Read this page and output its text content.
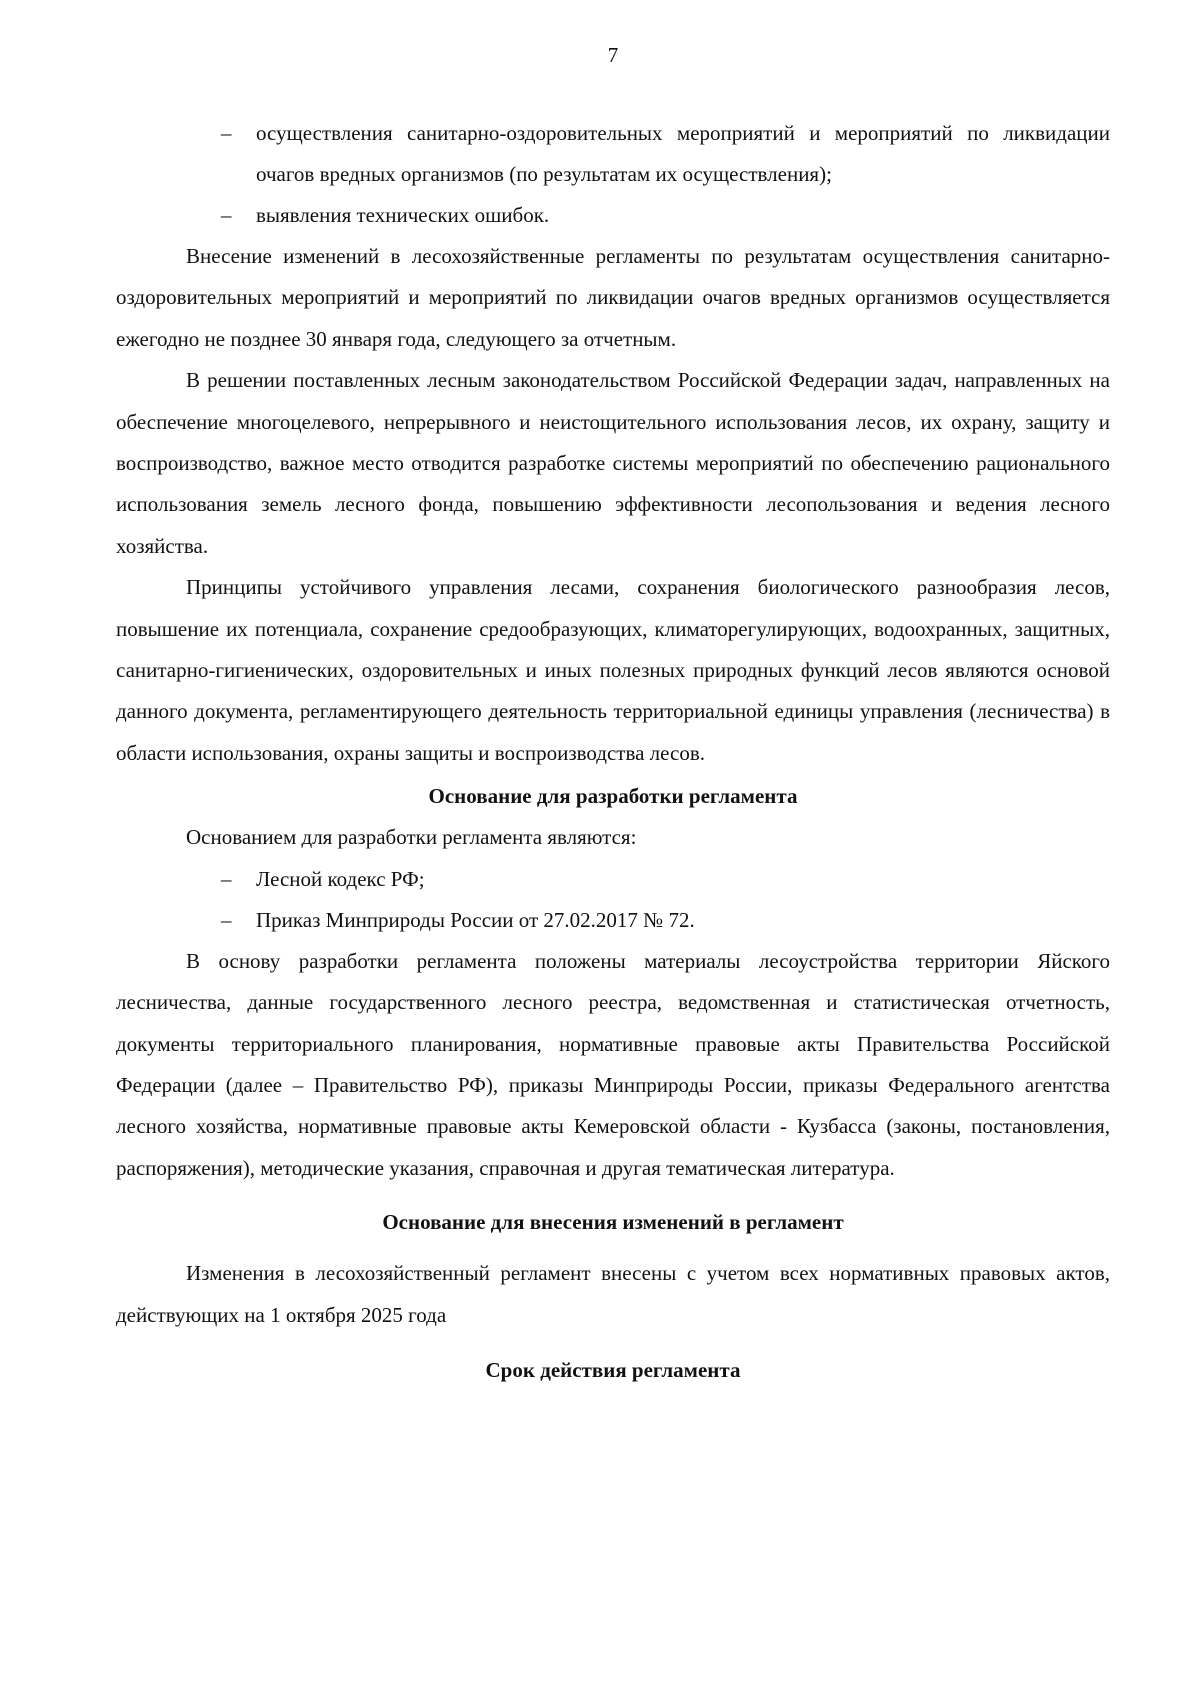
7
– осуществления санитарно-оздоровительных мероприятий и мероприятий по ликвидации очагов вредных организмов (по результатам их осуществления);
– выявления технических ошибок.

Внесение изменений в лесохозяйственные регламенты по результатам осуществления санитарно-оздоровительных мероприятий и мероприятий по ликвидации очагов вредных организмов осуществляется ежегодно не позднее 30 января года, следующего за отчетным.

В решении поставленных лесным законодательством Российской Федерации задач, направленных на обеспечение многоцелевого, непрерывного и неистощительного использования лесов, их охрану, защиту и воспроизводство, важное место отводится разработке системы мероприятий по обеспечению рационального использования земель лесного фонда, повышению эффективности лесопользования и ведения лесного хозяйства.

Принципы устойчивого управления лесами, сохранения биологического разнообразия лесов, повышение их потенциала, сохранение средообразующих, климаторегулирующих, водоохранных, защитных, санитарно-гигиенических, оздоровительных и иных полезных природных функций лесов являются основой данного документа, регламентирующего деятельность территориальной единицы управления (лесничества) в области использования, охраны защиты и воспроизводства лесов.

Основание для разработки регламента

Основанием для разработки регламента являются:

– Лесной кодекс РФ;
– Приказ Минприроды России от 27.02.2017 № 72.

В основу разработки регламента положены материалы лесоустройства территории Яйского лесничества, данные государственного лесного реестра, ведомственная и статистическая отчетность, документы территориального планирования, нормативные правовые акты Правительства Российской Федерации (далее – Правительство РФ), приказы Минприроды России, приказы Федерального агентства лесного хозяйства, нормативные правовые акты Кемеровской области - Кузбасса (законы, постановления, распоряжения), методические указания, справочная и другая тематическая литература.

Основание для внесения изменений в регламент

Изменения в лесохозяйственный регламент внесены с учетом всех нормативных правовых актов, действующих на 1 октября 2025 года

Срок действия регламента
